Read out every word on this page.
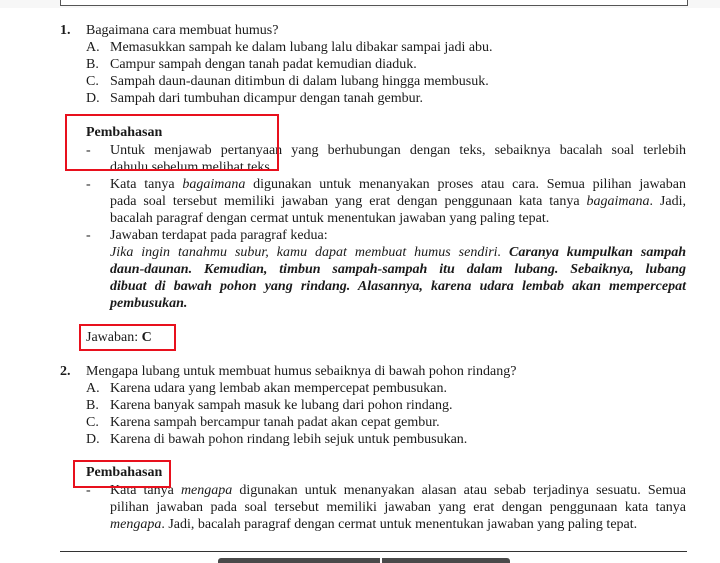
1. Bagaimana cara membuat humus?
A. Memasukkan sampah ke dalam lubang lalu dibakar sampai jadi abu.
B. Campur sampah dengan tanah padat kemudian diaduk.
C. Sampah daun-daunan ditimbun di dalam lubang hingga membusuk.
D. Sampah dari tumbuhan dicampur dengan tanah gembur.
Pembahasan
- Untuk menjawab pertanyaan yang berhubungan dengan teks, sebaiknya bacalah soal terlebih
dahulu sebelum melihat teks.
- Kata tanya bagaimana digunakan untuk menanyakan proses atau cara. Semua pilihan jawaban
pada soal tersebut memiliki jawaban yang erat dengan penggunaan kata tanya bagaimana. Jadi,
bacalah paragraf dengan cermat untuk menentukan jawaban yang paling tepat.
- Jawaban terdapat pada paragraf kedua:
Jika ingin tanahmu subur, kamu dapat membuat humus sendiri. Caranya kumpulkan sampah
daun-daunan. Kemudian, timbun sampah-sampah itu dalam lubang. Sebaiknya, lubang
dibuat di bawah pohon yang rindang. Alasannya, karena udara lembab akan mempercepat
pembusukan.
Jawaban: C
2. Mengapa lubang untuk membuat humus sebaiknya di bawah pohon rindang?
A. Karena udara yang lembab akan mempercepat pembusukan.
B. Karena banyak sampah masuk ke lubang dari pohon rindang.
C. Karena sampah bercampur tanah padat akan cepat gembur.
D. Karena di bawah pohon rindang lebih sejuk untuk pembusukan.
Pembahasan
- Kata tanya mengapa digunakan untuk menanyakan alasan atau sebab terjadinya sesuatu. Semua
pilihan jawaban pada soal tersebut memiliki jawaban yang erat dengan penggunaan kata tanya
mengapa. Jadi, bacalah paragraf dengan cermat untuk menentukan jawaban yang paling tepat.
